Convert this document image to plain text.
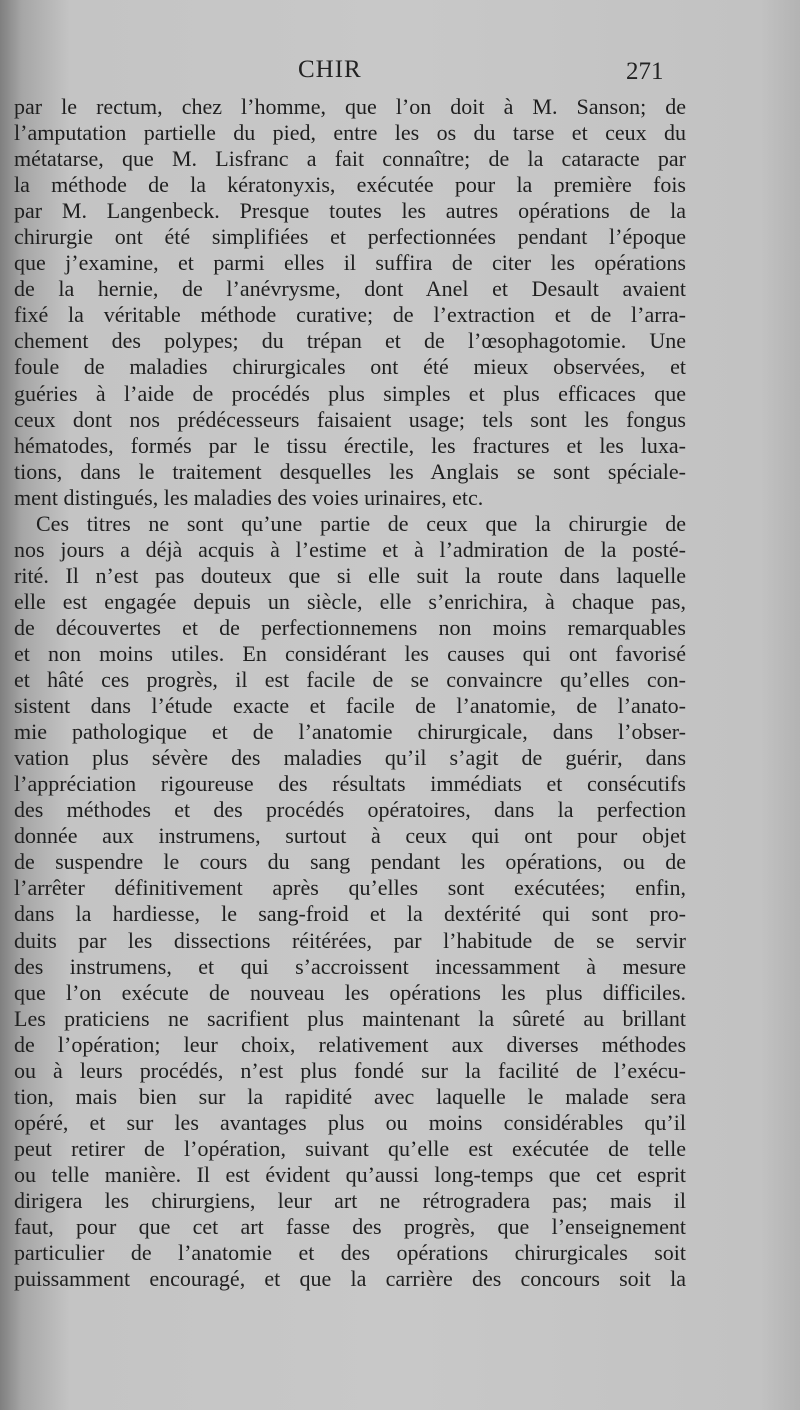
CHIR	271
par le rectum, chez l’homme, que l’on doit à M. Sanson; de
l’amputation partielle du pied, entre les os du tarse et ceux du
métatarse, que M. Lisfranc a fait connaître; de la cataracte par
la méthode de la kératonyxis, exécutée pour la première fois
par M. Langenbeck. Presque toutes les autres opérations de la
chirurgie ont été simplifiées et perfectionnées pendant l’époque
que j’examine, et parmi elles il suffira de citer les opérations
de la hernie, de l’anévrysme, dont Anel et Desault avaient
fixé la véritable méthode curative; de l’extraction et de l’arra-
chement des polypes; du trépan et de l’œsophagotomie. Une
foule de maladies chirurgicales ont été mieux observées, et
guéries à l’aide de procédés plus simples et plus efficaces que
ceux dont nos prédécesseurs faisaient usage; tels sont les fongus
hématodes, formés par le tissu érectile, les fractures et les luxa-
tions, dans le traitement desquelles les Anglais se sont spéciale-
ment distingués, les maladies des voies urinaires, etc.
Ces titres ne sont qu’une partie de ceux que la chirurgie de
nos jours a déjà acquis à l’estime et à l’admiration de la posté-
rité. Il n’est pas douteux que si elle suit la route dans laquelle
elle est engagée depuis un siècle, elle s’enrichira, à chaque pas,
de découvertes et de perfectionnemens non moins remarquables
et non moins utiles. En considérant les causes qui ont favorisé
et hâté ces progrès, il est facile de se convaincre qu’elles con-
sistent dans l’étude exacte et facile de l’anatomie, de l’anato-
mie pathologique et de l’anatomie chirurgicale, dans l’obser-
vation plus sévère des maladies qu’il s’agit de guérir, dans
l’appréciation rigoureuse des résultats immédiats et consécutifs
des méthodes et des procédés opératoires, dans la perfection
donnée aux instrumens, surtout à ceux qui ont pour objet
de suspendre le cours du sang pendant les opérations, ou de
l’arrêter définitivement après qu’elles sont exécutées; enfin,
dans la hardiesse, le sang-froid et la dextérité qui sont pro-
duits par les dissections réitérées, par l’habitude de se servir
des instrumens, et qui s’accroissent incessamment à mesure
que l’on exécute de nouveau les opérations les plus difficiles.
Les praticiens ne sacrifient plus maintenant la sûreté au brillant
de l’opération; leur choix, relativement aux diverses méthodes
ou à leurs procédés, n’est plus fondé sur la facilité de l’exécu-
tion, mais bien sur la rapidité avec laquelle le malade sera
opéré, et sur les avantages plus ou moins considérables qu’il
peut retirer de l’opération, suivant qu’elle est exécutée de telle
ou telle manière. Il est évident qu’aussi long-temps que cet esprit
dirigera les chirurgiens, leur art ne rétrogradera pas; mais il
faut, pour que cet art fasse des progrès, que l’enseignement
particulier de l’anatomie et des opérations chirurgicales soit
puissamment encouragé, et que la carrière des concours soit la
